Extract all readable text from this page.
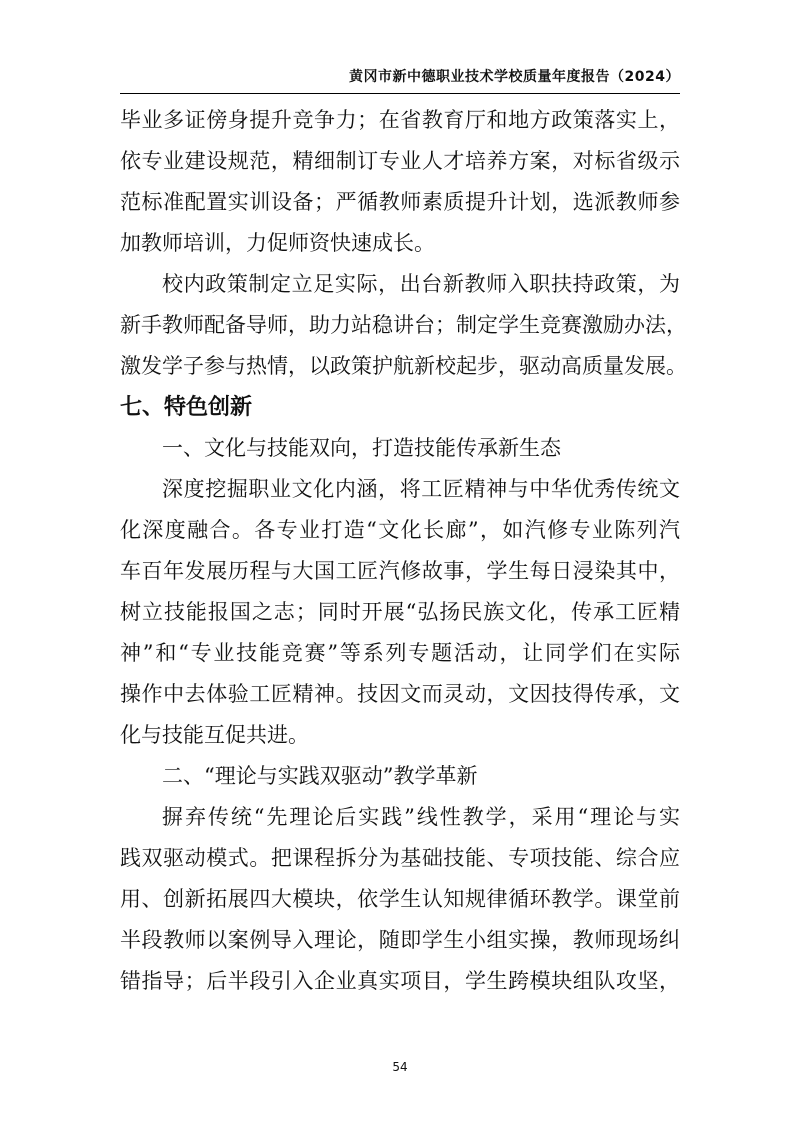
黄冈市新中德职业技术学校质量年度报告（2024）
毕业多证傍身提升竞争力；在省教育厅和地方政策落实上，
依专业建设规范，精细制订专业人才培养方案，对标省级示
范标准配置实训设备；严循教师素质提升计划，选派教师参
加教师培训，力促师资快速成长。
校内政策制定立足实际，出台新教师入职扶持政策，为
新手教师配备导师，助力站稳讲台；制定学生竞赛激励办法，
激发学子参与热情，以政策护航新校起步，驱动高质量发展。
七、特色创新
一、文化与技能双向，打造技能传承新生态
深度挖掘职业文化内涵，将工匠精神与中华优秀传统文
化深度融合。各专业打造“文化长廊”，如汽修专业陈列汽
车百年发展历程与大国工匠汽修故事，学生每日浸染其中，
树立技能报国之志；同时开展“弘扬民族文化，传承工匠精
神”和“专业技能竞赛”等系列专题活动，让同学们在实际
操作中去体验工匠精神。技因文而灵动，文因技得传承，文
化与技能互促共进。
二、“理论与实践双驱动”教学革新
摒弃传统“先理论后实践”线性教学，采用“理论与实
践双驱动模式。把课程拆分为基础技能、专项技能、综合应
用、创新拓展四大模块，依学生认知规律循环教学。课堂前
半段教师以案例导入理论，随即学生小组实操，教师现场纠
错指导；后半段引入企业真实项目，学生跨模块组队攻坚，
54
